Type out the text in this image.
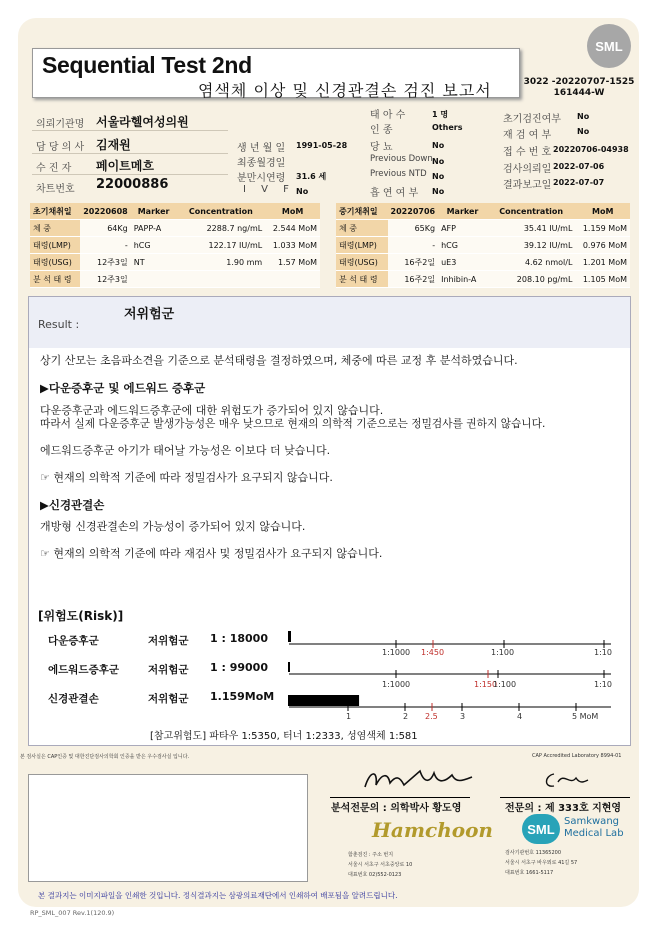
SML
Sequential Test 2nd
염색체 이상 및 신경관결손 검진 보고서	3022 -20220707-1525
161444-W
의뢰기관명 서울라헬여성의원
담 당 의 사 김재원
수 진 자 페이트메흐
차트번호 22000886
생 년 월 일 1991-05-28
최종월경일
분만시연령 31.6 세
I V F No
태 아 수	1 명
인 종	Others
당 뇨	No
Previous Down No
Previous NTD No
흡 연 여 부 No
초기검진여부 No
재 검 여 부	No
접 수 번 호 20220706-04938
검사의뢰일 2022-07-06
결과보고일 2022-07-07
초기채취일	20220608	Marker	Concentration	MoM
체 중	64Kg	PAPP-A	2288.7 ng/mL	2.544 MoM
태령(LMP)	-	hCG	122.17 IU/mL	1.033 MoM
태령(USG)	12주3일	NT	1.90 mm	1.57 MoM
분 석 태 령	12주3일			
중기채취일	20220706	Marker	Concentration	MoM
체 중	65Kg	AFP	35.41 IU/mL	1.159 MoM
태령(LMP)	-	hCG	39.12 IU/mL	0.976 MoM
태령(USG)	16주2일	uE3	4.62 nmol/L	1.201 MoM
분 석 태 령	16주2일	Inhibin-A	208.10 pg/mL	1.105 MoM
Result :
저위험군
상기 산모는 초음파소견을 기준으로 분석태령을 결정하였으며, 체중에 따른 교정 후 분석하였습니다.
▶다운증후군 및 에드워드 증후군
다운증후군과 에드워드증후군에 대한 위험도가 증가되어 있지 않습니다.
따라서 실제 다운증후군 발생가능성은 매우 낮으므로 현재의 의학적 기준으로는 정밀검사를 권하지 않습니다.
에드워드증후군 아기가 태어날 가능성은 이보다 더 낮습니다.
☞ 현재의 의학적 기준에 따라 정밀검사가 요구되지 않습니다.
▶신경관결손
개방형 신경관결손의 가능성이 증가되어 있지 않습니다.
☞ 현재의 의학적 기준에 따라 재검사 및 정밀검사가 요구되지 않습니다.
[위험도(Risk)]
다운증후군	저위험군 1 : 18000
에드워드증후군	저위험군 1 : 99000
신경관결손	저위험군 1.159MoM
1:1000 1:450	1:100	1:10
1:1000	1:150
1:100	1:10
1	2 2.5	3	4	5 MoM
[참고위험도] 파타우 1:5350, 터너 1:2333, 성염색체 1:581
본 검사실은 CAP인증 및 대한진단검사의학회 인증을 받은 우수검사실 입니다.	CAP Accredited Laboratory 8994-01
분석전문의 : 의학박사 황도영	전문의 : 제 333호 지현영
Hamchoon	SML Samkwang
Medical Lab
함춘검진 : 주소 번지
서울시 서초구 서초중앙로 10
대표번호 02)552-0123
검사기관번호 11365200
서울시 서초구 바우뫼로 41길 57
대표번호 1661-5117
본 결과지는 이미지파일을 인쇄한 것입니다. 정식결과지는 삼광의료재단에서 인쇄하여 배포됨을 알려드립니다.
RP_SML_007 Rev.1(120.9)
